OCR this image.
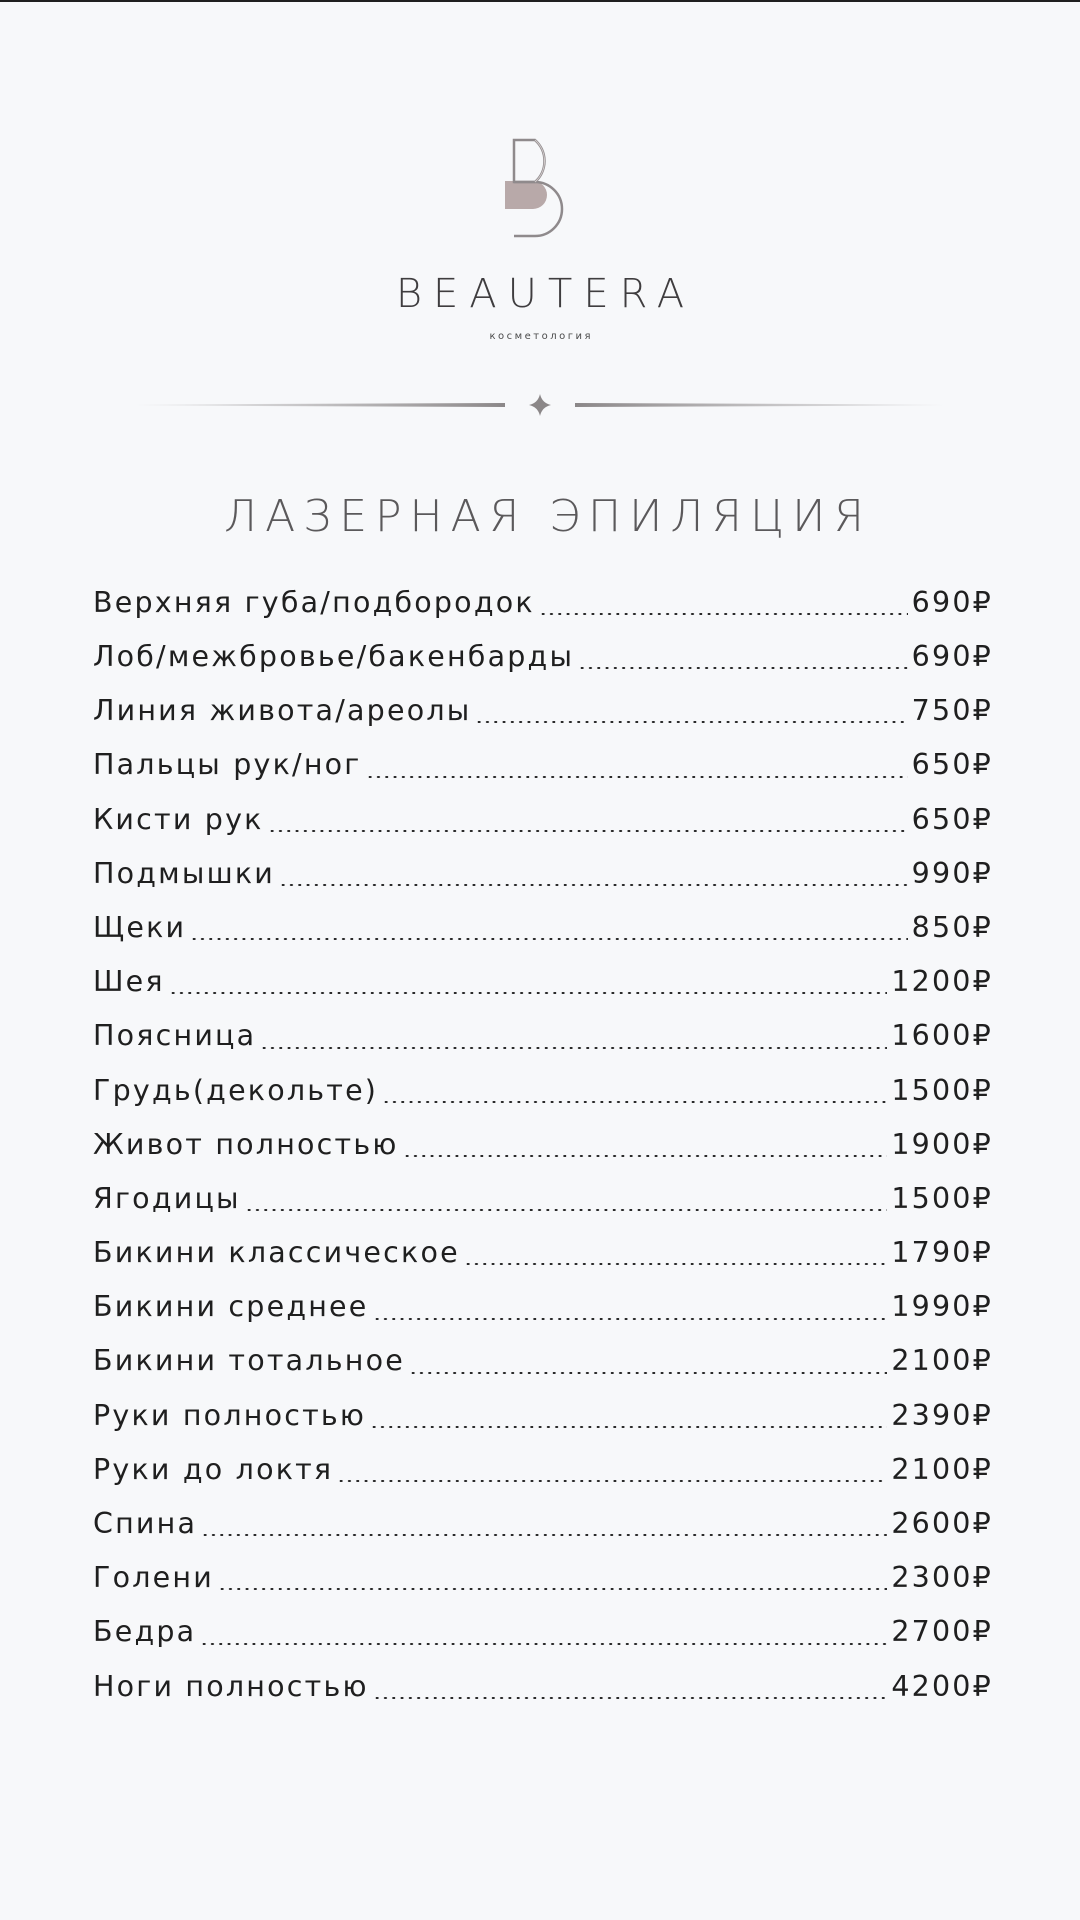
BEAUTERA
косметология
ЛАЗЕРНАЯ ЭПИЛЯЦИЯ
Верхняя губа/подбородок	690₽
Лоб/межбровье/бакенбарды	690₽
Линия живота/ареолы	750₽
Пальцы рук/ног	650₽
Кисти рук	650₽
Подмышки	990₽
Щеки	850₽
Шея	1200₽
Поясница	1600₽
Грудь(декольте)	1500₽
Живот полностью	1900₽
Ягодицы	1500₽
Бикини классическое	1790₽
Бикини среднее	1990₽
Бикини тотальное	2100₽
Руки полностью	2390₽
Руки до локтя	2100₽
Спина	2600₽
Голени	2300₽
Бедра	2700₽
Ноги полностью	4200₽
